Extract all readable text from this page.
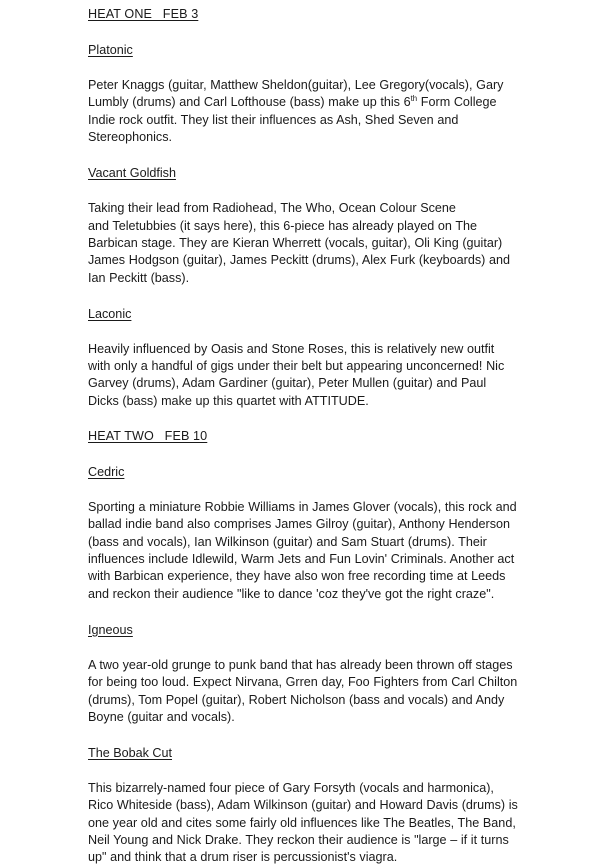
HEAT ONE   FEB 3
Platonic

Peter Knaggs (guitar, Matthew Sheldon(guitar), Lee Gregory(vocals), Gary Lumbly (drums) and Carl Lofthouse (bass) make up this 6th Form College Indie rock outfit. They list their influences as Ash, Shed Seven and Stereophonics.

Vacant Goldfish

Taking their lead from Radiohead, The Who, Ocean Colour Scene
and Teletubbies (it says here), this 6-piece has already played on The Barbican stage. They are Kieran Wherrett (vocals, guitar), Oli King (guitar) James Hodgson (guitar), James Peckitt (drums), Alex Furk (keyboards) and Ian Peckitt (bass).

Laconic

Heavily influenced by Oasis and Stone Roses, this is relatively new outfit with only a handful of gigs under their belt but appearing unconcerned! Nic Garvey (drums), Adam Gardiner (guitar), Peter Mullen (guitar) and Paul Dicks (bass) make up this quartet with ATTITUDE.

HEAT TWO   FEB 10
Cedric

Sporting a miniature Robbie Williams in James Glover (vocals), this rock and ballad indie band also comprises James Gilroy (guitar), Anthony Henderson (bass and vocals), Ian Wilkinson (guitar) and Sam Stuart (drums). Their influences include Idlewild, Warm Jets and Fun Lovin' Criminals. Another act with Barbican experience, they have also won free recording time at Leeds and reckon their audience "like to dance 'coz they've got the right craze".

Igneous

A two year-old grunge to punk band that has already been thrown off stages for being too loud. Expect Nirvana, Grren day, Foo Fighters from Carl Chilton (drums), Tom Popel (guitar), Robert Nicholson (bass and vocals) and Andy Boyne (guitar and vocals).

The Bobak Cut

This bizarrely-named four piece of Gary Forsyth (vocals and harmonica), Rico Whiteside (bass), Adam Wilkinson (guitar) and Howard Davis (drums) is one year old and cites some fairly old influences like The Beatles, The Band, Neil Young and Nick Drake. They reckon their audience is "large – if it turns up" and think that a drum riser is percussionist's viagra.
